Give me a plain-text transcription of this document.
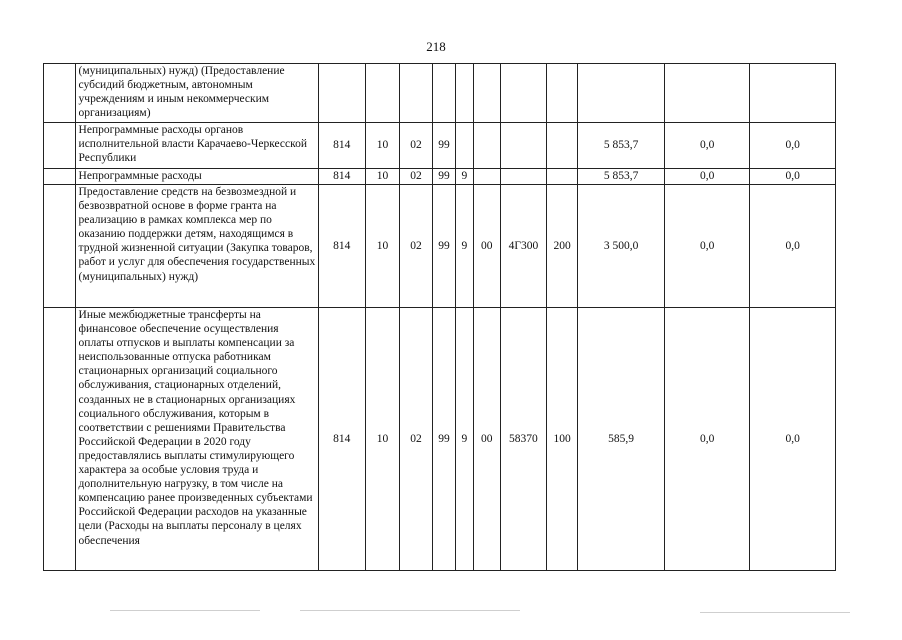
218
	(муниципальных) нужд) (Предоставление субсидий бюджетным, автономным учреждениям и иным некоммерческим организациям)											
	Непрограммные расходы органов исполнительной власти Карачаево-Черкесской Республики	814	10	02	99					5 853,7	0,0	0,0
	Непрограммные расходы	814	10	02	99	9				5 853,7	0,0	0,0
	Предоставление средств на безвозмездной и безвозвратной основе в форме гранта на реализацию в рамках комплекса мер по оказанию поддержки детям, находящимся в трудной жизненной ситуации (Закупка товаров, работ и услуг для обеспечения государственных (муниципальных) нужд)	814	10	02	99	9	00	4Г300	200	3 500,0	0,0	0,0
	Иные межбюджетные трансферты на финансовое обеспечение осуществления оплаты отпусков и выплаты компенсации за неиспользованные отпуска работникам стационарных организаций социального обслуживания, стационарных отделений, созданных не в стационарных организациях социального обслуживания, которым в соответствии с решениями Правительства Российской Федерации в 2020 году предоставлялись выплаты стимулирующего характера за особые условия труда и дополнительную нагрузку, в том числе на компенсацию ранее произведенных субъектами Российской Федерации расходов на указанные цели (Расходы на выплаты персоналу в целях обеспечения	814	10	02	99	9	00	58370	100	585,9	0,0	0,0
